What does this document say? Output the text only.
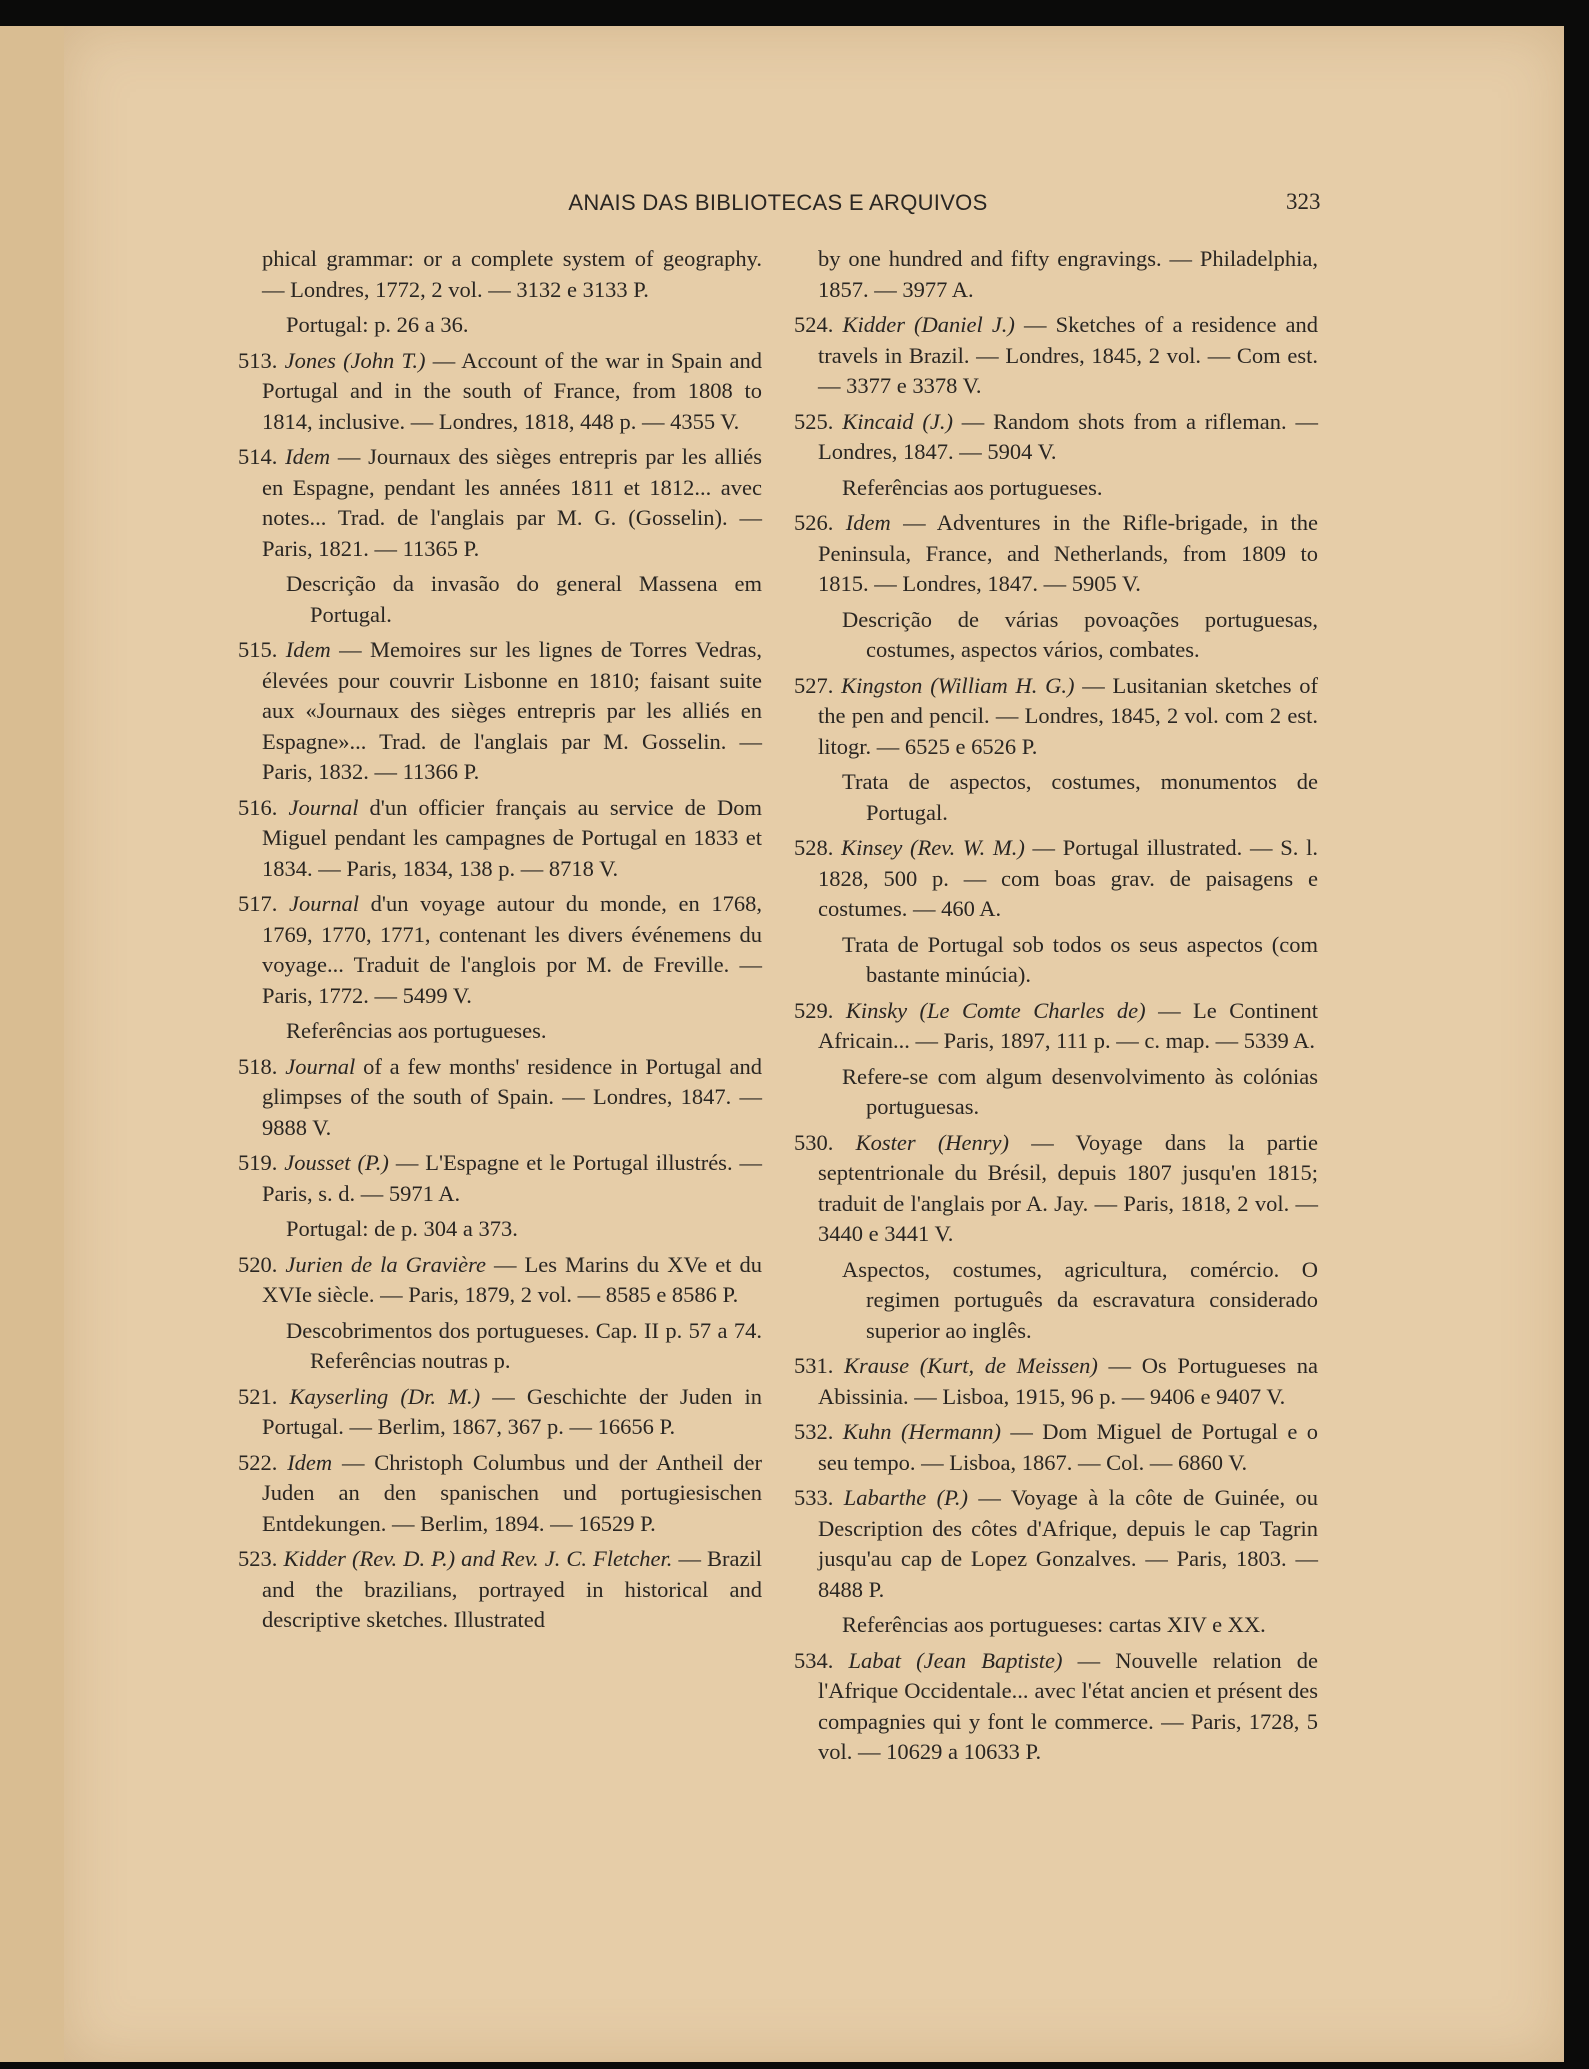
ANAIS DAS BIBLIOTECAS E ARQUIVOS	323

phical grammar: or a complete system of geography. — Londres, 1772, 2 vol. — 3132 e 3133 P.

Portugal: p. 26 a 36.

513. Jones (John T.) — Account of the war in Spain and Portugal and in the south of France, from 1808 to 1814, inclusive. — Londres, 1818, 448 p. — 4355 V.

514. Idem — Journaux des sièges entrepris par les alliés en Espagne, pendant les années 1811 et 1812... avec notes... Trad. de l'anglais par M. G. (Gosselin). — Paris, 1821. — 11365 P.

Descrição da invasão do general Massena em Portugal.

515. Idem — Memoires sur les lignes de Torres Vedras, élevées pour couvrir Lisbonne en 1810; faisant suite aux «Journaux des sièges entrepris par les alliés en Espagne»... Trad. de l'anglais par M. Gosselin. — Paris, 1832. — 11366 P.

516. Journal d'un officier français au service de Dom Miguel pendant les campagnes de Portugal en 1833 et 1834. — Paris, 1834, 138 p. — 8718 V.

517. Journal d'un voyage autour du monde, en 1768, 1769, 1770, 1771, contenant les divers événemens du voyage... Traduit de l'anglois por M. de Freville. — Paris, 1772. — 5499 V.

Referências aos portugueses.

518. Journal of a few months' residence in Portugal and glimpses of the south of Spain. — Londres, 1847. — 9888 V.

519. Jousset (P.) — L'Espagne et le Portugal illustrés. — Paris, s. d. — 5971 A.

Portugal: de p. 304 a 373.

520. Jurien de la Gravière — Les Marins du XVe et du XVIe siècle. — Paris, 1879, 2 vol. — 8585 e 8586 P.

Descobrimentos dos portugueses. Cap. II p. 57 a 74. Referências noutras p.

521. Kayserling (Dr. M.) — Geschichte der Juden in Portugal. — Berlim, 1867, 367 p. — 16656 P.

522. Idem — Christoph Columbus und der Antheil der Juden an den spanischen und portugiesischen Entdekungen. — Berlim, 1894. — 16529 P.

523. Kidder (Rev. D. P.) and Rev. J. C. Fletcher. — Brazil and the brazilians, portrayed in historical and descriptive sketches. Illustrated

by one hundred and fifty engravings. — Philadelphia, 1857. — 3977 A.

524. Kidder (Daniel J.) — Sketches of a residence and travels in Brazil. — Londres, 1845, 2 vol. — Com est. — 3377 e 3378 V.

525. Kincaid (J.) — Random shots from a rifleman. — Londres, 1847. — 5904 V.

Referências aos portugueses.

526. Idem — Adventures in the Rifle-brigade, in the Peninsula, France, and Netherlands, from 1809 to 1815. — Londres, 1847. — 5905 V.

Descrição de várias povoações portuguesas, costumes, aspectos vários, combates.

527. Kingston (William H. G.) — Lusitanian sketches of the pen and pencil. — Londres, 1845, 2 vol. com 2 est. litogr. — 6525 e 6526 P.

Trata de aspectos, costumes, monumentos de Portugal.

528. Kinsey (Rev. W. M.) — Portugal illustrated. — S. l. 1828, 500 p. — com boas grav. de paisagens e costumes. — 460 A.

Trata de Portugal sob todos os seus aspectos (com bastante minúcia).

529. Kinsky (Le Comte Charles de) — Le Continent Africain... — Paris, 1897, 111 p. — c. map. — 5339 A.

Refere-se com algum desenvolvimento às colónias portuguesas.

530. Koster (Henry) — Voyage dans la partie septentrionale du Brésil, depuis 1807 jusqu'en 1815; traduit de l'anglais por A. Jay. — Paris, 1818, 2 vol. — 3440 e 3441 V.

Aspectos, costumes, agricultura, comércio. O regimen português da escravatura considerado superior ao inglês.

531. Krause (Kurt, de Meissen) — Os Portugueses na Abissinia. — Lisboa, 1915, 96 p. — 9406 e 9407 V.

532. Kuhn (Hermann) — Dom Miguel de Portugal e o seu tempo. — Lisboa, 1867. — Col. — 6860 V.

533. Labarthe (P.) — Voyage à la côte de Guinée, ou Description des côtes d'Afrique, depuis le cap Tagrin jusqu'au cap de Lopez Gonzalves. — Paris, 1803. — 8488 P.

Referências aos portugueses: cartas XIV e XX.

534. Labat (Jean Baptiste) — Nouvelle relation de l'Afrique Occidentale... avec l'état ancien et présent des compagnies qui y font le commerce. — Paris, 1728, 5 vol. — 10629 a 10633 P.
